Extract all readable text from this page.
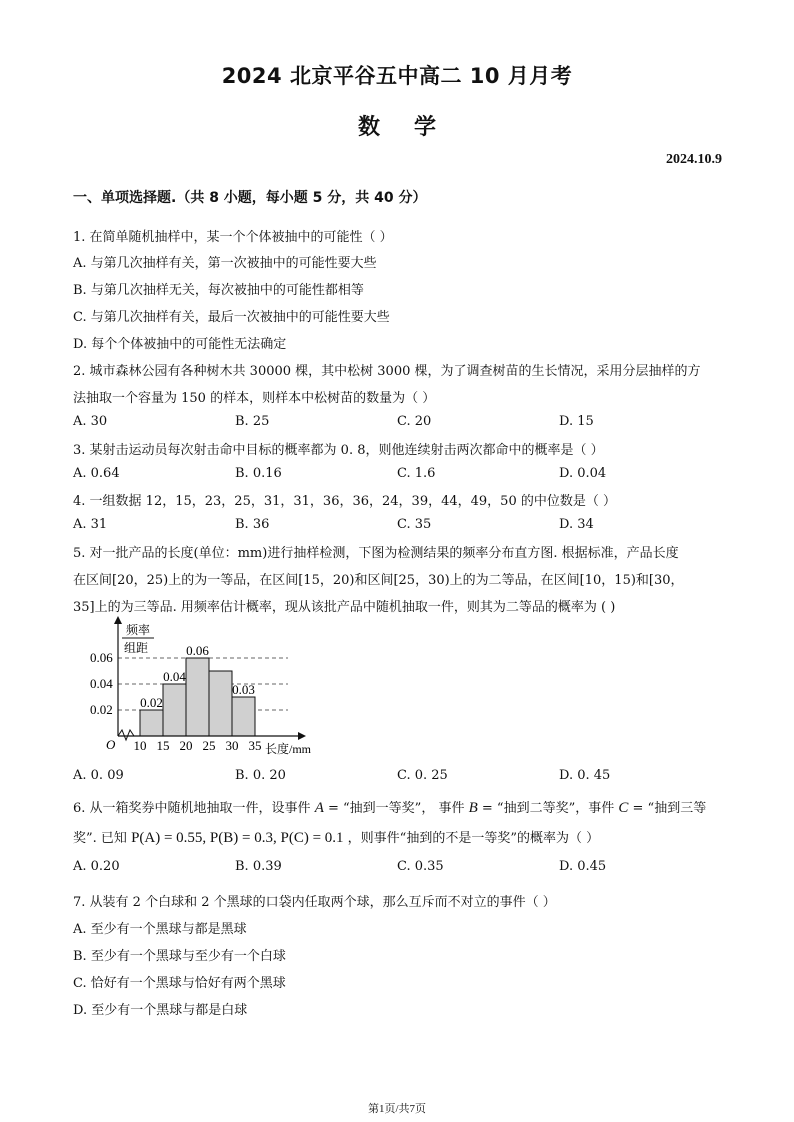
2024 北京平谷五中高二 10 月月考
数学
2024.10.9
一、单项选择题.（共 8 小题，每小题 5 分，共 40 分）
1. 在简单随机抽样中，某一个个体被抽中的可能性（ ）
A. 与第几次抽样有关，第一次被抽中的可能性要大些
B. 与第几次抽样无关，每次被抽中的可能性都相等
C. 与第几次抽样有关，最后一次被抽中的可能性要大些
D. 每个个体被抽中的可能性无法确定
2. 城市森林公园有各种树木共 30000 棵，其中松树 3000 棵，为了调查树苗的生长情况，采用分层抽样的方
法抽取一个容量为 150 的样本，则样本中松树苗的数量为（ ）
A. 30	B. 25	C. 20	D. 15
3. 某射击运动员每次射击命中目标的概率都为 0. 8，则他连续射击两次都命中的概率是（ ）
A. 0.64	B. 0.16	C. 1.6	D. 0.04
4. 一组数据 12，15，23，25，31，31，36，36，24，39，44，49，50 的中位数是（ ）
A. 31	B. 36	C. 35	D. 34
5. 对一批产品的长度(单位：mm)进行抽样检测，下图为检测结果的频率分布直方图. 根据标准，产品长度
在区间[20，25)上的为一等品，在区间[15，20)和区间[25，30)上的为二等品，在区间[10，15)和[30，
35]上的为三等品. 用频率估计概率，现从该批产品中随机抽取一件，则其为二等品的概率为 ( )
频率
组距
O	长度/mm
10 15 20 25 30 35
0.02
0.04
0.06
0.02
0.04
0.06
0.03
A. 0. 09	B. 0. 20	C. 0. 25	D. 0. 45
6. 从一箱奖券中随机地抽取一件，设事件 A = “抽到一等奖”， 事件 B = “抽到二等奖”，事件 C = “抽到三等
奖”. 已知 P(A) = 0.55, P(B) = 0.3, P(C) = 0.1 ，则事件“抽到的不是一等奖”的概率为（ ）
A. 0.20	B. 0.39	C. 0.35	D. 0.45
7. 从装有 2 个白球和 2 个黑球的口袋内任取两个球，那么互斥而不对立的事件（ ）
A. 至少有一个黑球与都是黑球
B. 至少有一个黑球与至少有一个白球
C. 恰好有一个黑球与恰好有两个黑球
D. 至少有一个黑球与都是白球
第1页/共7页
